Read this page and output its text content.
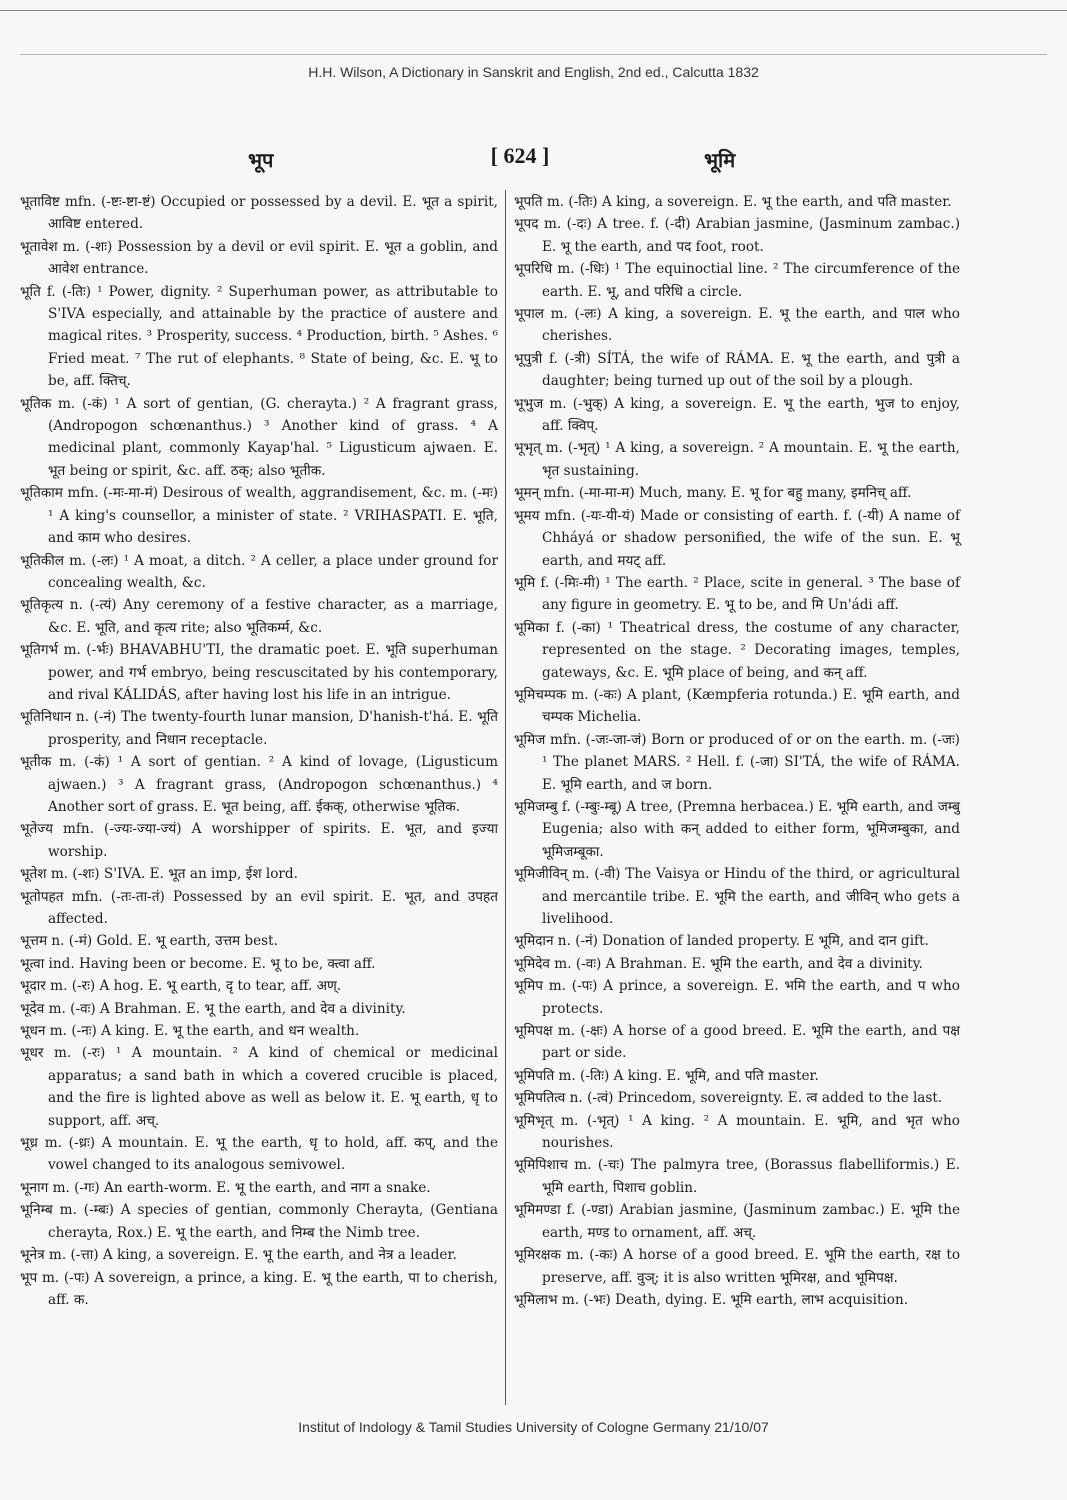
H.H. Wilson, A Dictionary in Sanskrit and English, 2nd ed., Calcutta 1832
भूप	[ 624 ]	भूमि

भूताविष्ट mfn. (-ष्टः-ष्टा-ष्टं) Occupied or possessed by a devil. E. भूत a spirit, आविष्ट entered.

भूतावेश m. (-शः) Possession by a devil or evil spirit. E. भूत a goblin, and आवेश entrance.

भूति f. (-तिः) ¹ Power, dignity. ² Superhuman power, as attributable to S'IVA especially, and attainable by the practice of austere and magical rites. ³ Prosperity, success. ⁴ Production, birth. ⁵ Ashes. ⁶ Fried meat. ⁷ The rut of elephants. ⁸ State of being, &c. E. भू to be, aff. क्तिच्.

भूतिक m. (-कं) ¹ A sort of gentian, (G. cherayta.) ² A fragrant grass, (Andropogon schœnanthus.) ³ Another kind of grass. ⁴ A medicinal plant, commonly Kayap'hal. ⁵ Ligusticum ajwaen. E. भूत being or spirit, &c. aff. ठक्; also भूतीक.

भूतिकाम mfn. (-मः-मा-मं) Desirous of wealth, aggrandisement, &c. m. (-मः) ¹ A king's counsellor, a minister of state. ² VRIHASPATI. E. भूति, and काम who desires.

भूतिकील m. (-लः) ¹ A moat, a ditch. ² A celler, a place under ground for concealing wealth, &c.

भूतिकृत्य n. (-त्यं) Any ceremony of a festive character, as a marriage, &c. E. भूति, and कृत्य rite; also भूतिकर्म्म, &c.

भूतिगर्भ m. (-र्भः) BHAVABHU'TI, the dramatic poet. E. भूति superhuman power, and गर्भ embryo, being rescuscitated by his contemporary, and rival KÁLIDÁS, after having lost his life in an intrigue.

भूतिनिधान n. (-नं) The twenty-fourth lunar mansion, D'hanish-t'há. E. भूति prosperity, and निधान receptacle.

भूतीक m. (-कं) ¹ A sort of gentian. ² A kind of lovage, (Ligusticum ajwaen.) ³ A fragrant grass, (Andropogon schœnanthus.) ⁴ Another sort of grass. E. भूत being, aff. ईकक्, otherwise भूतिक.

भूतेज्य mfn. (-ज्यः-ज्या-ज्यं) A worshipper of spirits. E. भूत, and इज्या worship.

भूतेश m. (-शः) S'IVA. E. भूत an imp, ईश lord.

भूतोपहत mfn. (-तः-ता-तं) Possessed by an evil spirit. E. भूत, and उपहत affected.

भूत्तम n. (-मं) Gold. E. भू earth, उत्तम best.

भूत्वा ind. Having been or become. E. भू to be, क्त्वा aff.

भूदार m. (-रः) A hog. E. भू earth, दृ to tear, aff. अण्.

भूदेव m. (-वः) A Brahman. E. भू the earth, and देव a divinity.

भूधन m. (-नः) A king. E. भू the earth, and धन wealth.

भूधर m. (-रः) ¹ A mountain. ² A kind of chemical or medicinal apparatus; a sand bath in which a covered crucible is placed, and the fire is lighted above as well as below it. E. भू earth, धृ to support, aff. अच्.

भूध्र m. (-ध्रः) A mountain. E. भू the earth, धृ to hold, aff. कप्, and the vowel changed to its analogous semivowel.

भूनाग m. (-गः) An earth-worm. E. भू the earth, and नाग a snake.

भूनिम्ब m. (-म्बः) A species of gentian, commonly Cherayta, (Gentiana cherayta, Rox.) E. भू the earth, and निम्ब the Nimb tree.

भूनेत्र m. (-त्ता) A king, a sovereign. E. भू the earth, and नेत्र a leader.

भूप m. (-पः) A sovereign, a prince, a king. E. भू the earth, पा to cherish, aff. क.

भूपति m. (-तिः) A king, a sovereign. E. भू the earth, and पति master.

भूपद m. (-दः) A tree. f. (-दी) Arabian jasmine, (Jasminum zambac.) E. भू the earth, and पद foot, root.

भूपरिधि m. (-धिः) ¹ The equinoctial line. ² The circumference of the earth. E. भू, and परिधि a circle.

भूपाल m. (-लः) A king, a sovereign. E. भू the earth, and पाल who cherishes.

भूपुत्री f. (-त्री) SÍTÁ, the wife of RÁMA. E. भू the earth, and पुत्री a daughter; being turned up out of the soil by a plough.

भूभुज m. (-भुक्) A king, a sovereign. E. भू the earth, भुज to enjoy, aff. क्विप्.

भूभृत् m. (-भृत्) ¹ A king, a sovereign. ² A mountain. E. भू the earth, भृत sustaining.

भूमन् mfn. (-मा-मा-म) Much, many. E. भू for बहु many, इमनिच् aff.

भूमय mfn. (-यः-यी-यं) Made or consisting of earth. f. (-यी) A name of Chháyá or shadow personified, the wife of the sun. E. भू earth, and मयट् aff.

भूमि f. (-मिः-मी) ¹ The earth. ² Place, scite in general. ³ The base of any figure in geometry. E. भू to be, and मि Un'ádi aff.

भूमिका f. (-का) ¹ Theatrical dress, the costume of any character, represented on the stage. ² Decorating images, temples, gateways, &c. E. भूमि place of being, and कन् aff.

भूमिचम्पक m. (-कः) A plant, (Kæmpferia rotunda.) E. भूमि earth, and चम्पक Michelia.

भूमिज mfn. (-जः-जा-जं) Born or produced of or on the earth. m. (-जः) ¹ The planet MARS. ² Hell. f. (-जा) SI'TÁ, the wife of RÁMA. E. भूमि earth, and ज born.

भूमिजम्बु f. (-म्बुः-म्बू) A tree, (Premna herbacea.) E. भूमि earth, and जम्बु Eugenia; also with कन् added to either form, भूमिजम्बुका, and भूमिजम्बूका.

भूमिजीविन् m. (-वी) The Vaisya or Hindu of the third, or agricultural and mercantile tribe. E. भूमि the earth, and जीविन् who gets a livelihood.

भूमिदान n. (-नं) Donation of landed property. E भूमि, and दान gift.

भूमिदेव m. (-वः) A Brahman. E. भूमि the earth, and देव a divinity.

भूमिप m. (-पः) A prince, a sovereign. E. भमि the earth, and प who protects.

भूमिपक्ष m. (-क्षः) A horse of a good breed. E. भूमि the earth, and पक्ष part or side.

भूमिपति m. (-तिः) A king. E. भूमि, and पति master.

भूमिपतित्व n. (-त्वं) Princedom, sovereignty. E. त्व added to the last.

भूमिभृत् m. (-भृत्) ¹ A king. ² A mountain. E. भूमि, and भृत who nourishes.

भूमिपिशाच m. (-चः) The palmyra tree, (Borassus flabelliformis.) E. भूमि earth, पिशाच goblin.

भूमिमण्डा f. (-ण्डा) Arabian jasmine, (Jasminum zambac.) E. भूमि the earth, मण्ड to ornament, aff. अच्.

भूमिरक्षक m. (-कः) A horse of a good breed. E. भूमि the earth, रक्ष to preserve, aff. वुञ्; it is also written भूमिरक्ष, and भूमिपक्ष.

भूमिलाभ m. (-भः) Death, dying. E. भूमि earth, लाभ acquisition.

Institut of Indology & Tamil Studies University of Cologne Germany 21/10/07
